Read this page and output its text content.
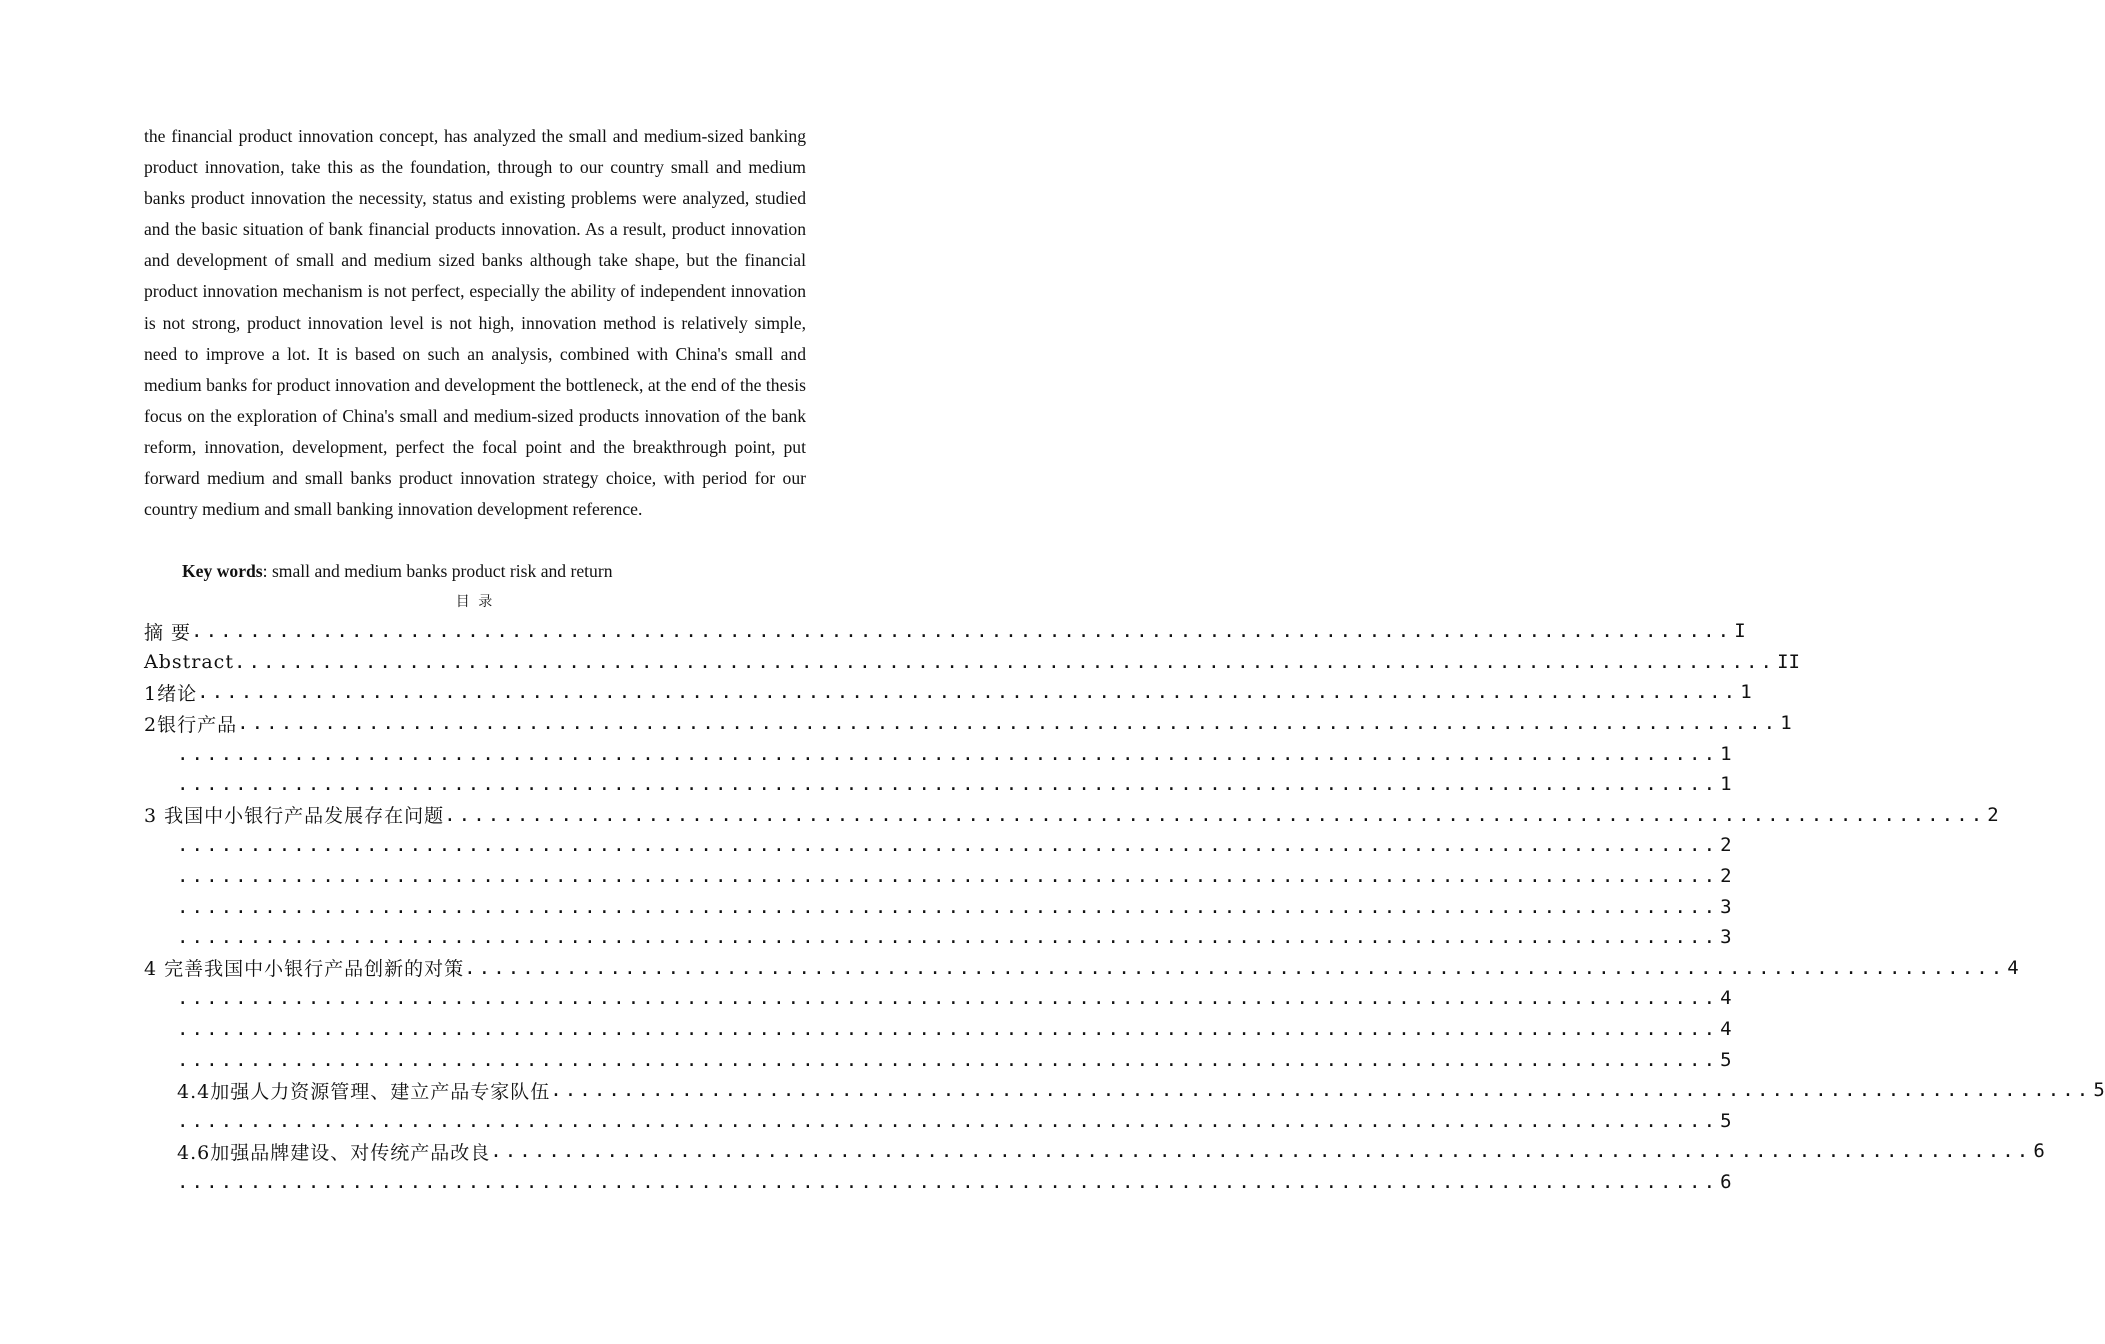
the financial product innovation concept, has analyzed the small and medium-sized banking product innovation, take this as the foundation, through to our country small and medium banks product innovation the necessity, status and existing problems were analyzed, studied and the basic situation of bank financial products innovation. As a result, product innovation and development of small and medium sized banks although take shape, but the financial product innovation mechanism is not perfect, especially the ability of independent innovation is not strong, product innovation level is not high, innovation method is relatively simple, need to improve a lot. It is based on such an analysis, combined with China's small and medium banks for product innovation and development the bottleneck, at the end of the thesis focus on the exploration of China's small and medium-sized products innovation of the bank reform, innovation, development, perfect the focal point and the breakthrough point, put forward medium and small banks product innovation strategy choice, with period for our country medium and small banking innovation development reference.

Key words: small and medium banks product risk and return

目 录
摘 要 .......................................................................................................... I
Abstract .......................................................................................................... II
1绪论 .......................................................................................................... 1
2银行产品 .......................................................................................................... 1
.......................................................................................................... 1
.......................................................................................................... 1
3 我国中小银行产品发展存在问题 .......................................................................................................... 2
.......................................................................................................... 2
.......................................................................................................... 2
.......................................................................................................... 3
.......................................................................................................... 3
4 完善我国中小银行产品创新的对策 .......................................................................................................... 4
.......................................................................................................... 4
.......................................................................................................... 4
.......................................................................................................... 5
4.4加强人力资源管理、建立产品专家队伍 .......................................................................................................... 5
.......................................................................................................... 5
4.6加强品牌建设、对传统产品改良 .......................................................................................................... 6
.......................................................................................................... 6
